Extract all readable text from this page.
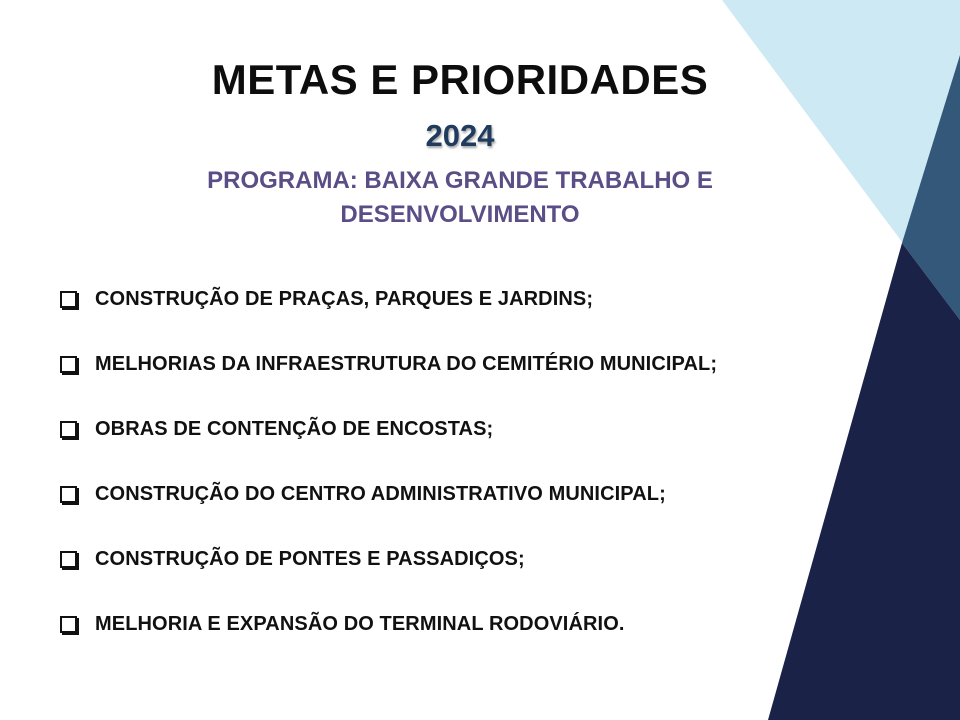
METAS E PRIORIDADES
2024
PROGRAMA: BAIXA GRANDE TRABALHO E DESENVOLVIMENTO
CONSTRUÇÃO DE PRAÇAS, PARQUES E JARDINS;
MELHORIAS DA INFRAESTRUTURA DO CEMITÉRIO MUNICIPAL;
OBRAS DE CONTENÇÃO DE ENCOSTAS;
CONSTRUÇÃO DO CENTRO ADMINISTRATIVO MUNICIPAL;
CONSTRUÇÃO DE PONTES E PASSADIÇOS;
MELHORIA E EXPANSÃO DO TERMINAL RODOVIÁRIO.
